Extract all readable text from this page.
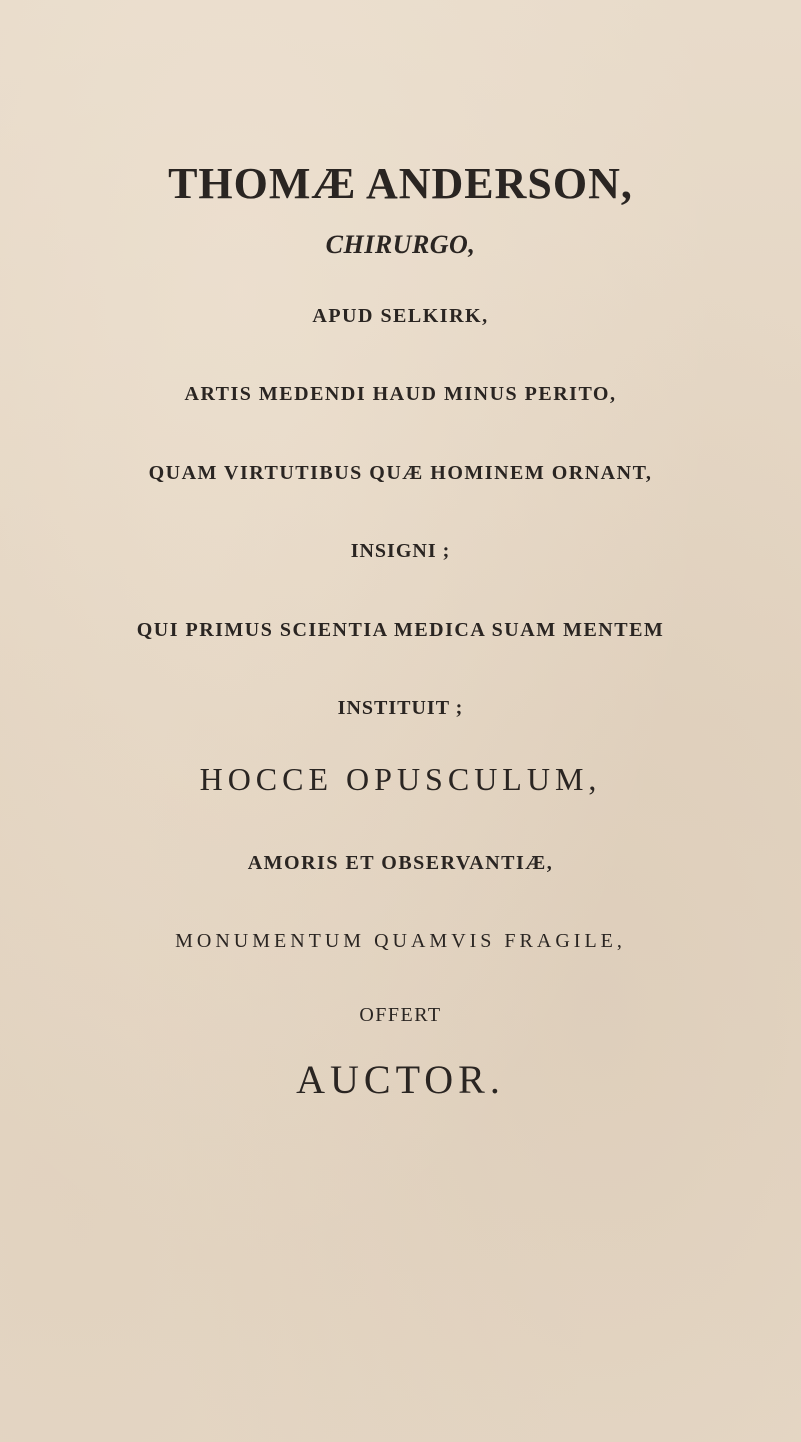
THOMÆ ANDERSON,
CHIRURGO,
APUD SELKIRK,
ARTIS MEDENDI HAUD MINUS PERITO,
QUAM VIRTUTIBUS QUÆ HOMINEM ORNANT,
INSIGNI ;
QUI PRIMUS SCIENTIA MEDICA SUAM MENTEM
INSTITUIT ;
HOCCE OPUSCULUM,
AMORIS ET OBSERVANTIÆ,
MONUMENTUM QUAMVIS FRAGILE,
OFFERT
AUCTOR.
